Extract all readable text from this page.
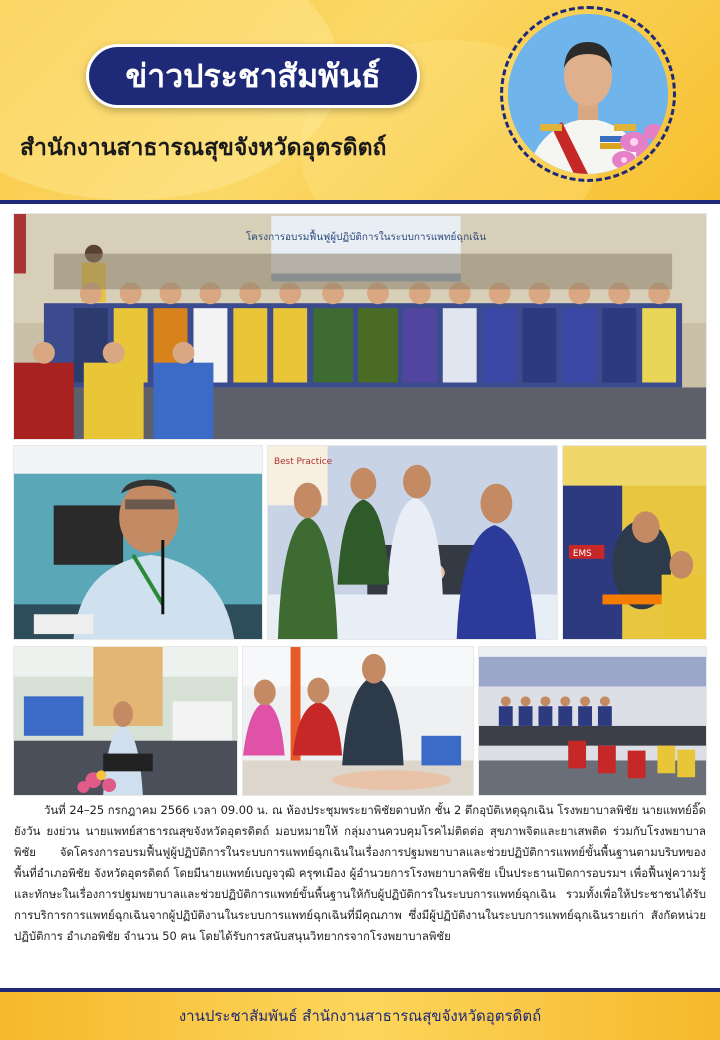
ข่าวประชาสัมพันธ์
สำนักงานสาธารณสุขจังหวัดอุตรดิตถ์
โครงการอบรมฟื้นฟูผู้ปฏิบัติการในระบบการแพทย์ฉุกเฉิน
Best Practice
EMS
วันที่ 24–25 กรกฎาคม 2566 เวลา 09.00 น. ณ ห้องประชุมพระยาพิชัยดาบหัก ชั้น 2 ตึกอุบัติเหตุฉุกเฉิน โรงพยาบาลพิชัย นายแพทย์อิ๊ดยังวัน ยงย่วน นายแพทย์สาธารณสุขจังหวัดอุตรดิตถ์ มอบหมายให้ กลุ่มงานควบคุมโรคไม่ติดต่อ สุขภาพจิตและยาเสพติด ร่วมกับโรงพยาบาลพิชัย จัดโครงการอบรมฟื้นฟูผู้ปฏิบัติการในระบบการแพทย์ฉุกเฉินในเรื่องการปฐมพยาบาลและช่วยปฏิบัติการแพทย์ขั้นพื้นฐานตามบริบทของพื้นที่อำเภอพิชัย จังหวัดอุตรดิตถ์ โดยมีนายแพทย์เบญจวุฒิ ครุฑเมือง ผู้อำนวยการโรงพยาบาลพิชัย เป็นประธานเปิดการอบรมฯ เพื่อฟื้นฟูความรู้และทักษะในเรื่องการปฐมพยาบาลและช่วยปฏิบัติการแพทย์ขั้นพื้นฐานให้กับผู้ปฏิบัติการในระบบการแพทย์ฉุกเฉิน รวมทั้งเพื่อให้ประชาชนได้รับการบริการการแพทย์ฉุกเฉินจากผู้ปฏิบัติงานในระบบการแพทย์ฉุกเฉินที่มีคุณภาพ ซึ่งมีผู้ปฏิบัติงานในระบบการแพทย์ฉุกเฉินรายเก่า สังกัดหน่วยปฏิบัติการ อำเภอพิชัย จำนวน 50 คน โดยได้รับการสนับสนุนวิทยากรจากโรงพยาบาลพิชัย
งานประชาสัมพันธ์ สำนักงานสาธารณสุขจังหวัดอุตรดิตถ์
